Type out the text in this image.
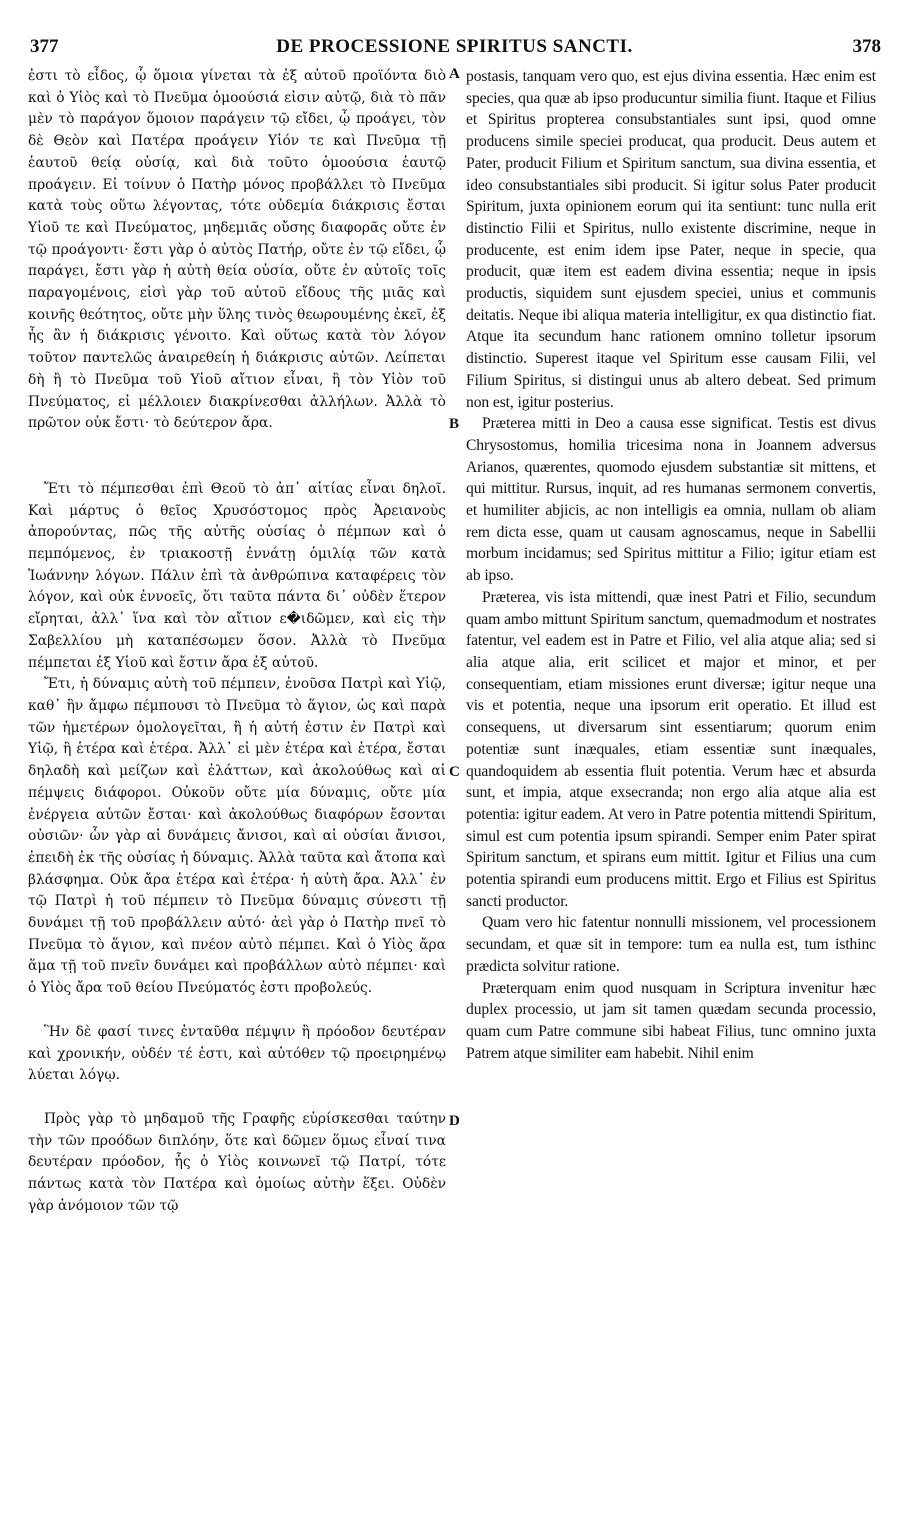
377	DE PROCESSIONE SPIRITUS SANCTI.	378

ἐστι τὸ εἶδος, ᾧ ὅμοια γίνεται τὰ ἐξ αὐτοῦ προϊόντα διὸ καὶ ὁ Υἱὸς καὶ τὸ Πνεῦμα ὁμοούσιά εἰσιν αὐτῷ, διὰ τὸ πᾶν μὲν τὸ παράγον ὅμοιον παράγειν τῷ εἴδει, ᾧ προάγει, τὸν δὲ Θεὸν καὶ Πατέρα προάγειν Υἱόν τε καὶ Πνεῦμα τῇ ἑαυτοῦ θείᾳ οὐσίᾳ, καὶ διὰ τοῦτο ὁμοούσια ἑαυτῷ προάγειν. Εἰ τοίνυν ὁ Πατὴρ μόνος προβάλλει τὸ Πνεῦμα κατὰ τοὺς οὕτω λέγοντας, τότε οὐδεμία διάκρισις ἔσται Υἱοῦ τε καὶ Πνεύματος, μηδεμιᾶς οὔσης διαφορᾶς οὔτε ἐν τῷ προάγοντι· ἔστι γὰρ ὁ αὐτὸς Πατήρ, οὔτε ἐν τῷ εἴδει, ᾧ παράγει, ἔστι γὰρ ἡ αὐτὴ θεία οὐσία, οὔτε ἐν αὐτοῖς τοῖς παραγομένοις, εἰσὶ γὰρ τοῦ αὐτοῦ εἴδους τῆς μιᾶς καὶ κοινῆς θεότητος, οὔτε μὴν ὕλης τινὸς θεωρουμένης ἐκεῖ, ἐξ ἧς ἂν ἡ διάκρισις γένοιτο. Καὶ οὕτως κατὰ τὸν λόγον τοῦτον παντελῶς ἀναιρεθείη ἡ διάκρισις αὐτῶν. Λείπεται δὴ ἢ τὸ Πνεῦμα τοῦ Υἱοῦ αἴτιον εἶναι, ἢ τὸν Υἱὸν τοῦ Πνεύματος, εἰ μέλλοιεν διακρίνεσθαι ἀλλήλων. Ἀλλὰ τὸ πρῶτον οὐκ ἔστι· τὸ δεύτερον ἄρα.

Ἔτι τὸ πέμπεσθαι ἐπὶ Θεοῦ τὸ ἀπ᾽ αἰτίας εἶναι δηλοῖ. Καὶ μάρτυς ὁ θεῖος Χρυσόστομος πρὸς Ἀρειανοὺς ἀπορούντας, πῶς τῆς αὐτῆς οὐσίας ὁ πέμπων καὶ ὁ πεμπόμενος, ἐν τριακοστῇ ἐννάτῃ ὁμιλίᾳ τῶν κατὰ Ἰωάννην λόγων. Πάλιν ἐπὶ τὰ ἀνθρώπινα καταφέρεις τὸν λόγον, καὶ οὐκ ἐννοεῖς, ὅτι ταῦτα πάντα δι᾽ οὐδὲν ἕτερον εἴρηται, ἀλλ᾽ ἵνα καὶ τὸν αἴτιον ε�ιδῶμεν, καὶ εἰς τὴν Σαβελλίου μὴ καταπέσωμεν ὅσον. Ἀλλὰ τὸ Πνεῦμα πέμπεται ἐξ Υἱοῦ καὶ ἔστιν ἄρα ἐξ αὐτοῦ.

Ἔτι, ἡ δύναμις αὐτὴ τοῦ πέμπειν, ἐνοῦσα Πατρὶ καὶ Υἱῷ, καθ᾽ ἣν ἄμφω πέμπουσι τὸ Πνεῦμα τὸ ἅγιον, ὡς καὶ παρὰ τῶν ἡμετέρων ὁμολογεῖται, ἢ ἡ αὐτή ἐστιν ἐν Πατρὶ καὶ Υἱῷ, ἢ ἑτέρα καὶ ἑτέρα. Ἀλλ᾽ εἰ μὲν ἑτέρα καὶ ἑτέρα, ἔσται δηλαδὴ καὶ μείζων καὶ ἐλάττων, καὶ ἀκολούθως καὶ αἱ πέμψεις διάφοροι. Οὐκοῦν οὔτε μία δύναμις, οὔτε μία ἐνέργεια αὐτῶν ἔσται· καὶ ἀκολούθως διαφόρων ἔσονται οὐσιῶν· ὧν γὰρ αἱ δυνάμεις ἄνισοι, καὶ αἱ οὐσίαι ἄνισοι, ἐπειδὴ ἐκ τῆς οὐσίας ἡ δύναμις. Ἀλλὰ ταῦτα καὶ ἄτοπα καὶ βλάσφημα. Οὐκ ἄρα ἑτέρα καὶ ἑτέρα· ἡ αὐτὴ ἄρα. Ἀλλ᾽ ἐν τῷ Πατρὶ ἡ τοῦ πέμπειν τὸ Πνεῦμα δύναμις σύνεστι τῇ δυνάμει τῇ τοῦ προβάλλειν αὐτό· ἀεὶ γὰρ ὁ Πατὴρ πνεῖ τὸ Πνεῦμα τὸ ἅγιον, καὶ πνέον αὐτὸ πέμπει. Καὶ ὁ Υἱὸς ἄρα ἅμα τῇ τοῦ πνεῖν δυνάμει καὶ προβάλλων αὐτὸ πέμπει· καὶ ὁ Υἱὸς ἄρα τοῦ θείου Πνεύματός ἐστι προβολεύς.

Ἣν δὲ φασί τινες ἐνταῦθα πέμψιν ἢ πρόοδον δευτέραν καὶ χρονικήν, οὐδέν τέ ἐστι, καὶ αὐτόθεν τῷ προειρημένῳ λύεται λόγῳ.

Πρὸς γὰρ τὸ μηδαμοῦ τῆς Γραφῆς εὑρίσκεσθαι ταύτην τὴν τῶν προόδων διπλόην, ὅτε καὶ δῶμεν ὅμως εἶναί τινα δευτέραν πρόοδον, ἧς ὁ Υἱὸς κοινωνεῖ τῷ Πατρί, τότε πάντως κατὰ τὸν Πατέρα καὶ ὁμοίως αὐτὴν ἕξει. Οὐδὲν γὰρ ἀνόμοιον τῶν τῷ

A
B
C
D

postasis, tanquam vero quo, est ejus divina essentia. Hæc enim est species, qua quæ ab ipso producuntur similia fiunt. Itaque et Filius et Spiritus propterea consubstantiales sunt ipsi, quod omne producens simile speciei producat, qua producit. Deus autem et Pater, producit Filium et Spiritum sanctum, sua divina essentia, et ideo consubstantiales sibi producit. Si igitur solus Pater producit Spiritum, juxta opinionem eorum qui ita sentiunt: tunc nulla erit distinctio Filii et Spiritus, nullo existente discrimine, neque in producente, est enim idem ipse Pater, neque in specie, qua producit, quæ item est eadem divina essentia; neque in ipsis productis, siquidem sunt ejusdem speciei, unius et communis deitatis. Neque ibi aliqua materia intelligitur, ex qua distinctio fiat. Atque ita secundum hanc rationem omnino tolletur ipsorum distinctio. Superest itaque vel Spiritum esse causam Filii, vel Filium Spiritus, si distingui unus ab altero debeat. Sed primum non est, igitur posterius.

Præterea mitti in Deo a causa esse significat. Testis est divus Chrysostomus, homilia tricesima nona in Joannem adversus Arianos, quærentes, quomodo ejusdem substantiæ sit mittens, et qui mittitur. Rursus, inquit, ad res humanas sermonem convertis, et humiliter abjicis, ac non intelligis ea omnia, nullam ob aliam rem dicta esse, quam ut causam agnoscamus, neque in Sabellii morbum incidamus; sed Spiritus mittitur a Filio; igitur etiam est ab ipso.

Præterea, vis ista mittendi, quæ inest Patri et Filio, secundum quam ambo mittunt Spiritum sanctum, quemadmodum et nostrates fatentur, vel eadem est in Patre et Filio, vel alia atque alia; sed si alia atque alia, erit scilicet et major et minor, et per consequentiam, etiam missiones erunt diversæ; igitur neque una vis et potentia, neque una ipsorum erit operatio. Et illud est consequens, ut diversarum sint essentiarum; quorum enim potentiæ sunt inæquales, etiam essentiæ sunt inæquales, quandoquidem ab essentia fluit potentia. Verum hæc et absurda sunt, et impia, atque exsecranda; non ergo alia atque alia est potentia: igitur eadem. At vero in Patre potentia mittendi Spiritum, simul est cum potentia ipsum spirandi. Semper enim Pater spirat Spiritum sanctum, et spirans eum mittit. Igitur et Filius una cum potentia spirandi eum producens mittit. Ergo et Filius est Spiritus sancti productor.

Quam vero hic fatentur nonnulli missionem, vel processionem secundam, et quæ sit in tempore: tum ea nulla est, tum isthinc prædicta solvitur ratione.

Præterquam enim quod nusquam in Scriptura invenitur hæc duplex processio, ut jam sit tamen quædam secunda processio, quam cum Patre commune sibi habeat Filius, tunc omnino juxta Patrem atque similiter eam habebit. Nihil enim
